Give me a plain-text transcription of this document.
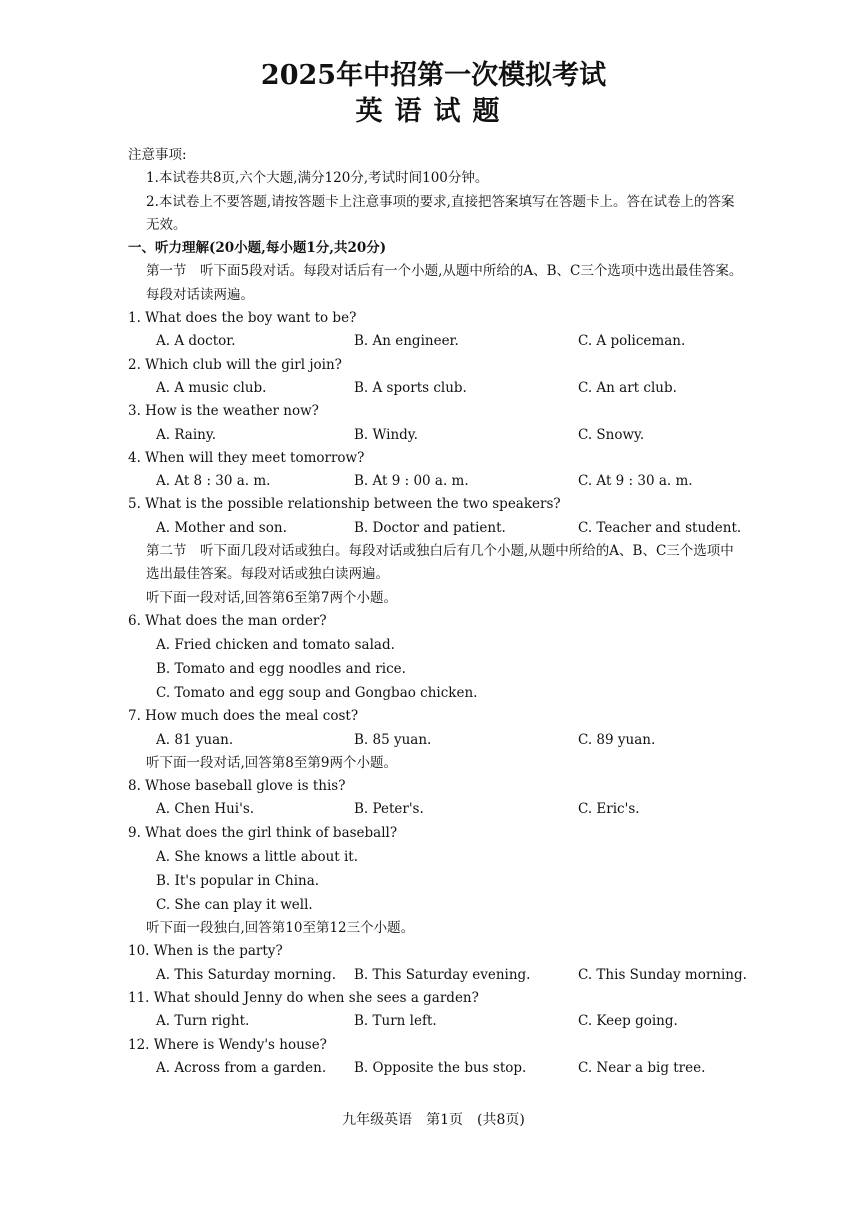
2025年中招第一次模拟考试
英语试题
注意事项:
1.本试卷共8页,六个大题,满分120分,考试时间100分钟。
2.本试卷上不要答题,请按答题卡上注意事项的要求,直接把答案填写在答题卡上。答在试卷上的答案无效。
一、听力理解(20小题,每小题1分,共20分)
第一节　听下面5段对话。每段对话后有一个小题,从题中所给的A、B、C三个选项中选出最佳答案。每段对话读两遍。
1. What does the boy want to be?
A. A doctor.	B. An engineer.	C. A policeman.
2. Which club will the girl join?
A. A music club.	B. A sports club.	C. An art club.
3. How is the weather now?
A. Rainy.	B. Windy.	C. Snowy.
4. When will they meet tomorrow?
A. At 8 : 30 a. m.	B. At 9 : 00 a. m.	C. At 9 : 30 a. m.
5. What is the possible relationship between the two speakers?
A. Mother and son.	B. Doctor and patient.	C. Teacher and student.
第二节　听下面几段对话或独白。每段对话或独白后有几个小题,从题中所给的A、B、C三个选项中选出最佳答案。每段对话或独白读两遍。
听下面一段对话,回答第6至第7两个小题。
6. What does the man order?
A. Fried chicken and tomato salad.
B. Tomato and egg noodles and rice.
C. Tomato and egg soup and Gongbao chicken.
7. How much does the meal cost?
A. 81 yuan.	B. 85 yuan.	C. 89 yuan.
听下面一段对话,回答第8至第9两个小题。
8. Whose baseball glove is this?
A. Chen Hui's.	B. Peter's.	C. Eric's.
9. What does the girl think of baseball?
A. She knows a little about it.
B. It's popular in China.
C. She can play it well.
听下面一段独白,回答第10至第12三个小题。
10. When is the party?
A. This Saturday morning.	B. This Saturday evening.	C. This Sunday morning.
11. What should Jenny do when she sees a garden?
A. Turn right.	B. Turn left.	C. Keep going.
12. Where is Wendy's house?
A. Across from a garden.	B. Opposite the bus stop.	C. Near a big tree.
九年级英语　第1页　(共8页)
